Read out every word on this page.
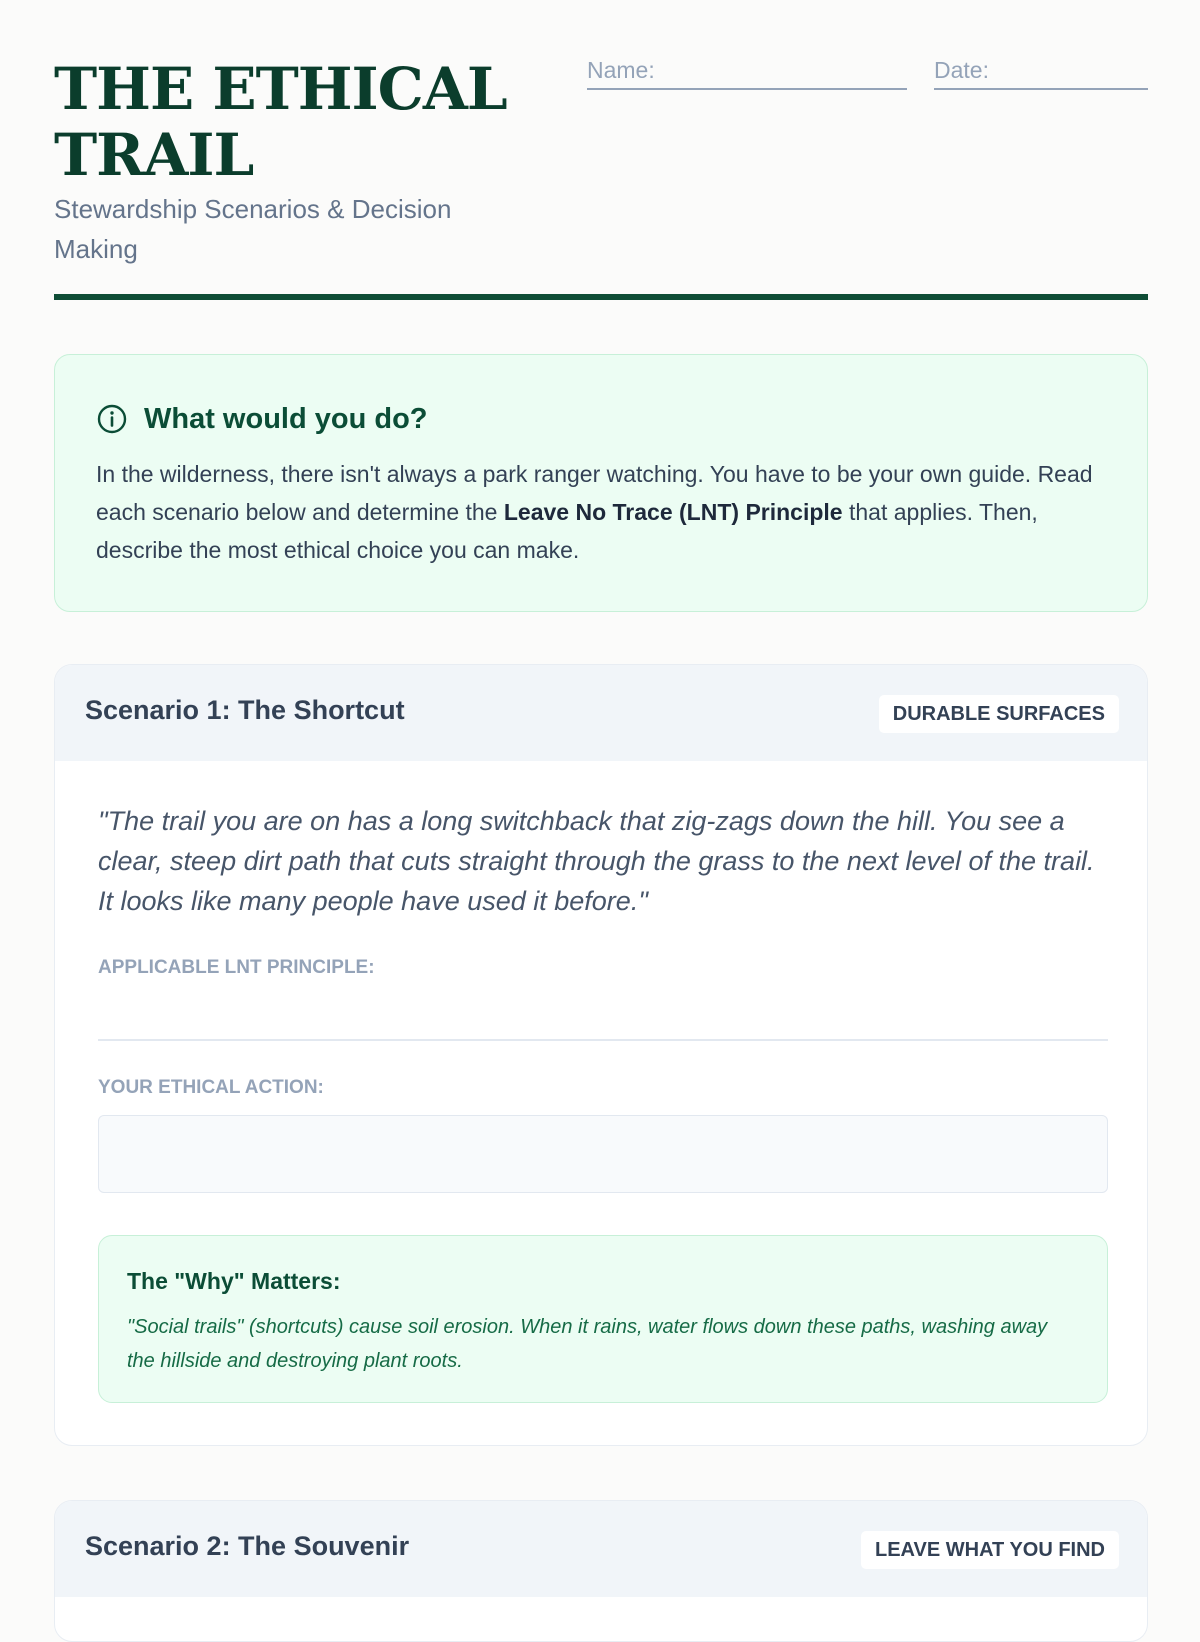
THE ETHICAL TRAIL
Stewardship Scenarios & Decision Making
Name:	Date:
What would you do?
In the wilderness, there isn't always a park ranger watching. You have to be your own guide. Read each scenario below and determine the Leave No Trace (LNT) Principle that applies. Then, describe the most ethical choice you can make.
Scenario 1: The Shortcut	DURABLE SURFACES
"The trail you are on has a long switchback that zig-zags down the hill. You see a clear, steep dirt path that cuts straight through the grass to the next level of the trail. It looks like many people have used it before."
APPLICABLE LNT PRINCIPLE:
YOUR ETHICAL ACTION:
The "Why" Matters:
"Social trails" (shortcuts) cause soil erosion. When it rains, water flows down these paths, washing away the hillside and destroying plant roots.
Scenario 2: The Souvenir	LEAVE WHAT YOU FIND
